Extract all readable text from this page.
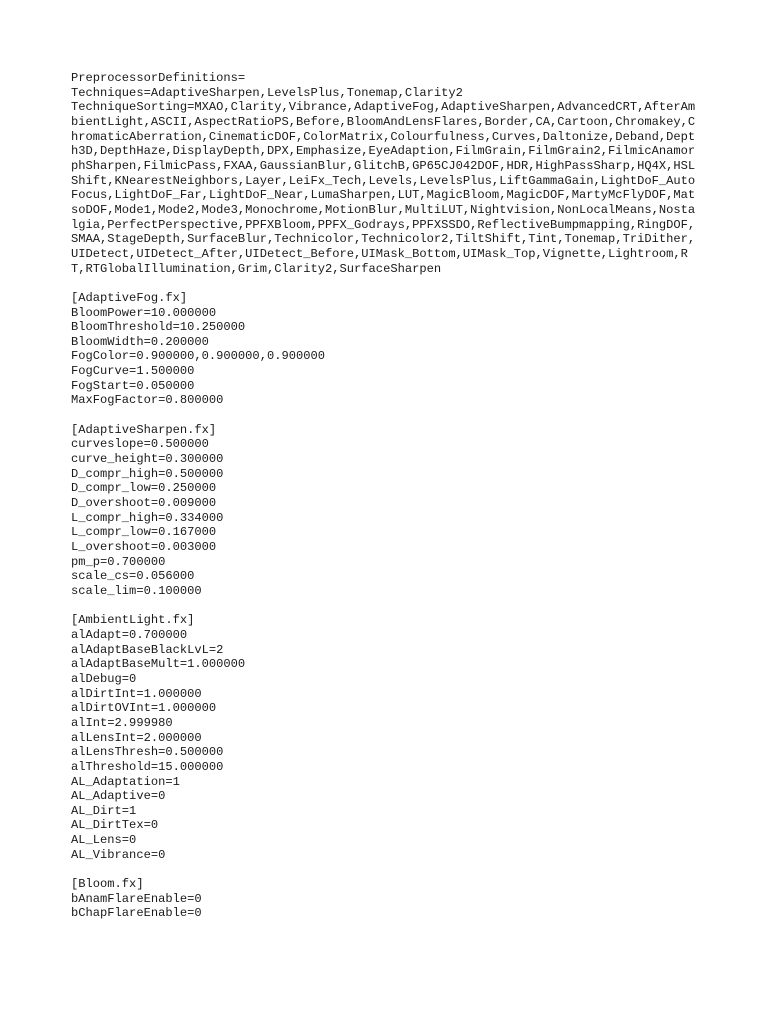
PreprocessorDefinitions=
Techniques=AdaptiveSharpen,LevelsPlus,Tonemap,Clarity2
TechniqueSorting=MXAO,Clarity,Vibrance,AdaptiveFog,AdaptiveSharpen,AdvancedCRT,AfterAmbientLight,ASCII,AspectRatioPS,Before,BloomAndLensFlares,Border,CA,Cartoon,Chromakey,ChromaticAberration,CinematicDOF,ColorMatrix,Colourfulness,Curves,Daltonize,Deband,Depth3D,DepthHaze,DisplayDepth,DPX,Emphasize,EyeAdaption,FilmGrain,FilmGrain2,FilmicAnamorphSharpen,FilmicPass,FXAA,GaussianBlur,GlitchB,GP65CJ042DOF,HDR,HighPassSharp,HQ4X,HSLShift,KNearestNeighbors,Layer,LeiFx_Tech,Levels,LevelsPlus,LiftGammaGain,LightDoF_AutoFocus,LightDoF_Far,LightDoF_Near,LumaSharpen,LUT,MagicBloom,MagicDOF,MartyMcFlyDOF,MatsoDOF,Mode1,Mode2,Mode3,Monochrome,MotionBlur,MultiLUT,Nightvision,NonLocalMeans,Nostalgia,PerfectPerspective,PPFXBloom,PPFX_Godrays,PPFXSSDO,ReflectiveBumpmapping,RingDOF,SMAA,StageDepth,SurfaceBlur,Technicolor,Technicolor2,TiltShift,Tint,Tonemap,TriDither,UIDetect,UIDetect_After,UIDetect_Before,UIMask_Bottom,UIMask_Top,Vignette,Lightroom,RT,RTGlobalIllumination,Grim,Clarity2,SurfaceSharpen
[AdaptiveFog.fx]
BloomPower=10.000000
BloomThreshold=10.250000
BloomWidth=0.200000
FogColor=0.900000,0.900000,0.900000
FogCurve=1.500000
FogStart=0.050000
MaxFogFactor=0.800000
[AdaptiveSharpen.fx]
curveslope=0.500000
curve_height=0.300000
D_compr_high=0.500000
D_compr_low=0.250000
D_overshoot=0.009000
L_compr_high=0.334000
L_compr_low=0.167000
L_overshoot=0.003000
pm_p=0.700000
scale_cs=0.056000
scale_lim=0.100000
[AmbientLight.fx]
alAdapt=0.700000
alAdaptBaseBlackLvL=2
alAdaptBaseMult=1.000000
alDebug=0
alDirtInt=1.000000
alDirtOVInt=1.000000
alInt=2.999980
alLensInt=2.000000
alLensThresh=0.500000
alThreshold=15.000000
AL_Adaptation=1
AL_Adaptive=0
AL_Dirt=1
AL_DirtTex=0
AL_Lens=0
AL_Vibrance=0
[Bloom.fx]
bAnamFlareEnable=0
bChapFlareEnable=0
